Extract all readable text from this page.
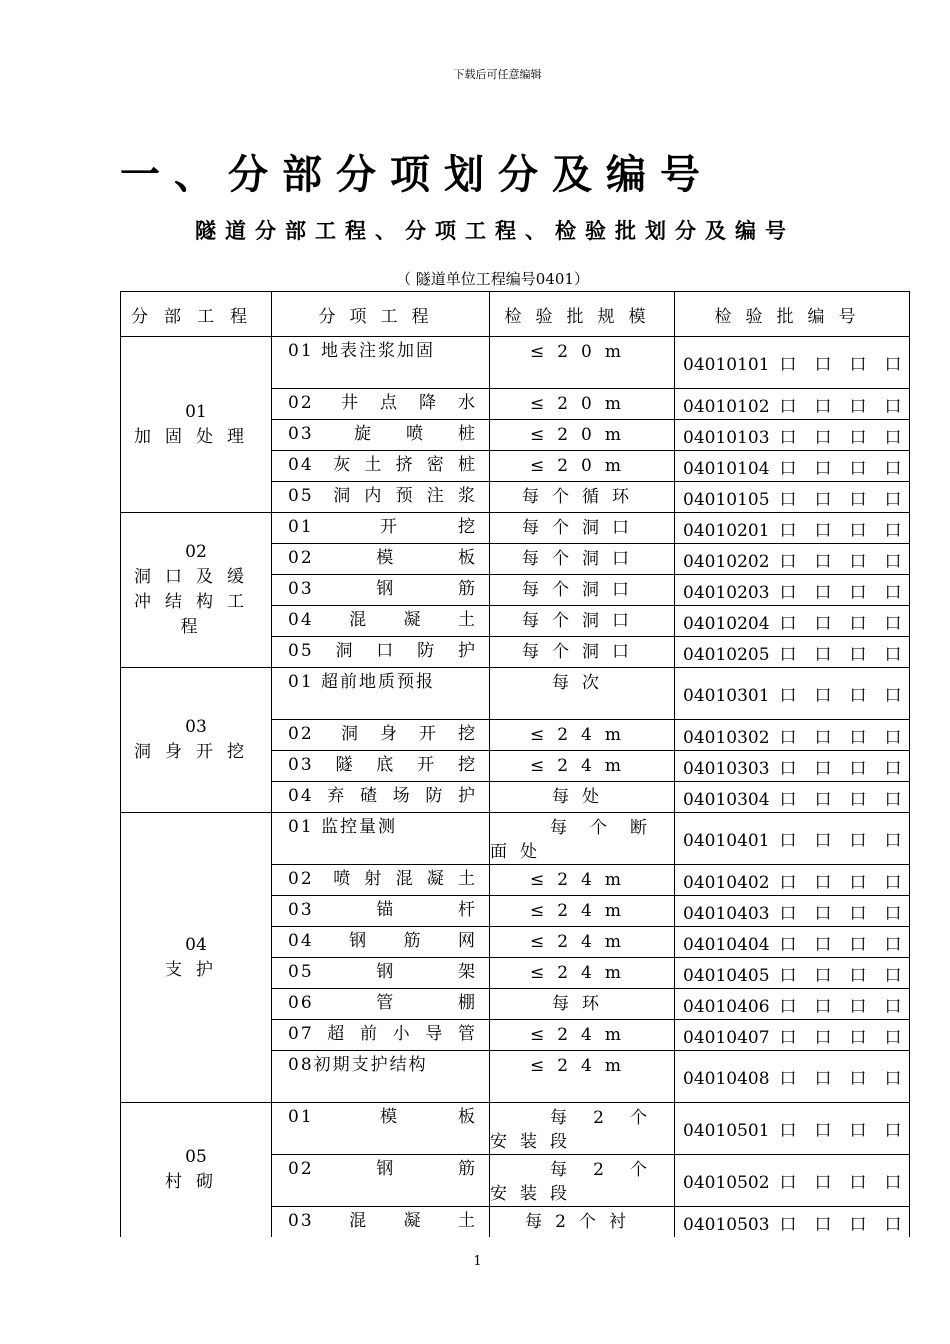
下载后可任意编辑
一、分部分项划分及编号
隧道分部工程、分项工程、检验批划分及编号
（ 隧道单位工程编号0401）
分部工程	分项工程	检验批规模	检验批编号

01
加固处理	01 地表注浆加固	≤20m	04010101 口 口 口 口
	02 井点降水	≤20m	04010102 口 口 口 口
	03 旋喷桩	≤20m	04010103 口 口 口 口
	04 灰土挤密桩	≤20m	04010104 口 口 口 口
	05 洞内预注浆	每个循环	04010105 口 口 口 口

02
洞口及缓冲结构工程	01 开挖	每个洞口	04010201 口 口 口 口
	02模板	每个洞口	04010202 口 口 口 口
	03钢筋	每个洞口	04010203 口 口 口 口
	04混凝土	每个洞口	04010204 口 口 口 口
	05洞口防护	每个洞口	04010205 口 口 口 口

03
洞身开挖	01 超前地质预报	每次	04010301 口 口 口 口
	02 洞身开挖	≤24m	04010302 口 口 口 口
	03隧底开挖	≤24m	04010303 口 口 口 口
	04弃碴场防护	每处	04010304 口 口 口 口

04
支护	01 监控量测	每个断面处	04010401 口 口 口 口
	02 喷射混凝土	≤24m	04010402 口 口 口 口
	03锚杆	≤24m	04010403 口 口 口 口
	04钢筋网	≤24m	04010404 口 口 口 口
	05钢架	≤24m	04010405 口 口 口 口
	06管棚	每环	04010406 口 口 口 口
	07超前小导管	≤24m	04010407 口 口 口 口
	08初期支护结构	≤24m	04010408 口 口 口 口

05
村砌	01 模板	每2个安装段	04010501 口 口 口 口
	02钢筋	每2个安装段	04010502 口 口 口 口
	03混凝土	每2个衬	04010503 口 口 口 口
1
